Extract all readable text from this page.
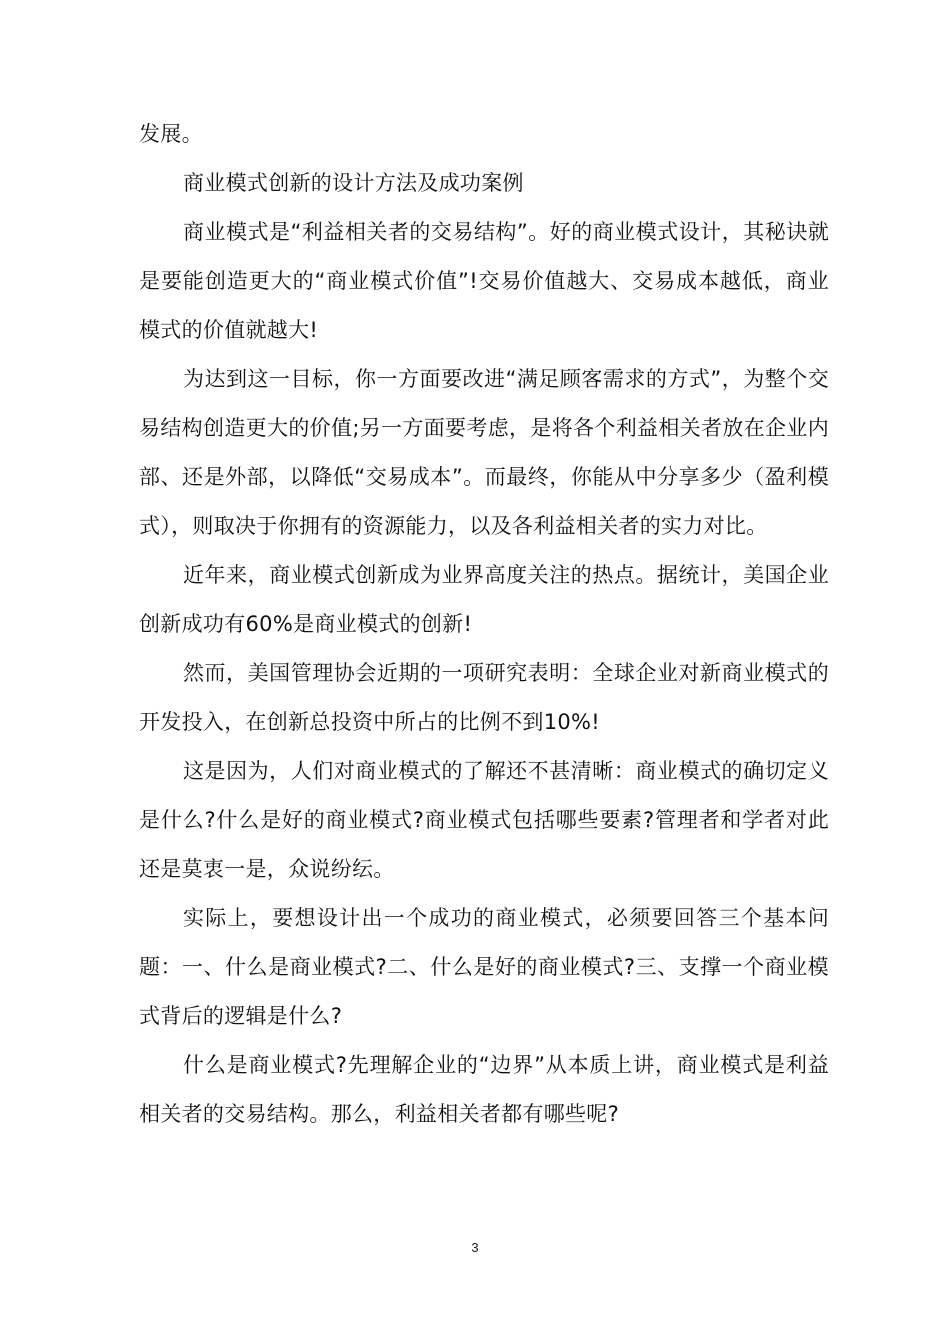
发展。

商业模式创新的设计方法及成功案例

商业模式是“利益相关者的交易结构”。好的商业模式设计，其秘诀就是要能创造更大的“商业模式价值”!交易价值越大、交易成本越低，商业模式的价值就越大!

为达到这一目标，你一方面要改进“满足顾客需求的方式”，为整个交易结构创造更大的价值;另一方面要考虑，是将各个利益相关者放在企业内部、还是外部，以降低“交易成本”。而最终，你能从中分享多少（盈利模式），则取决于你拥有的资源能力，以及各利益相关者的实力对比。

近年来，商业模式创新成为业界高度关注的热点。据统计，美国企业创新成功有60%是商业模式的创新!

然而，美国管理协会近期的一项研究表明：全球企业对新商业模式的开发投入，在创新总投资中所占的比例不到10%!

这是因为，人们对商业模式的了解还不甚清晰：商业模式的确切定义是什么?什么是好的商业模式?商业模式包括哪些要素?管理者和学者对此还是莫衷一是，众说纷纭。

实际上，要想设计出一个成功的商业模式，必须要回答三个基本问题：一、什么是商业模式?二、什么是好的商业模式?三、支撑一个商业模式背后的逻辑是什么?

什么是商业模式?先理解企业的“边界”从本质上讲，商业模式是利益相关者的交易结构。那么，利益相关者都有哪些呢?

3
